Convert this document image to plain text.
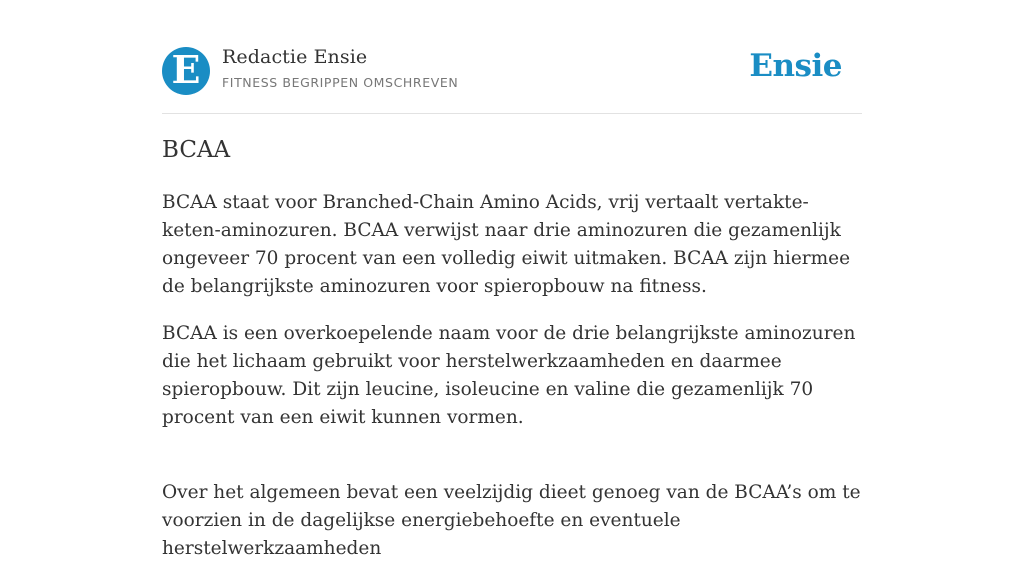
E Redactie Ensie
FITNESS BEGRIPPEN OMSCHREVEN	Ensie
BCAA

BCAA staat voor Branched-Chain Amino Acids, vrij vertaalt vertakte-keten-aminozuren. BCAA verwijst naar drie aminozuren die gezamenlijk ongeveer 70 procent van een volledig eiwit uitmaken. BCAA zijn hiermee de belangrijkste aminozuren voor spieropbouw na fitness.

BCAA is een overkoepelende naam voor de drie belangrijkste aminozuren die het lichaam gebruikt voor herstelwerkzaamheden en daarmee spieropbouw. Dit zijn leucine, isoleucine en valine die gezamenlijk 70 procent van een eiwit kunnen vormen.

Over het algemeen bevat een veelzijdig dieet genoeg van de BCAA’s om te voorzien in de dagelijkse energiebehoefte en eventuele herstelwerkzaamheden
